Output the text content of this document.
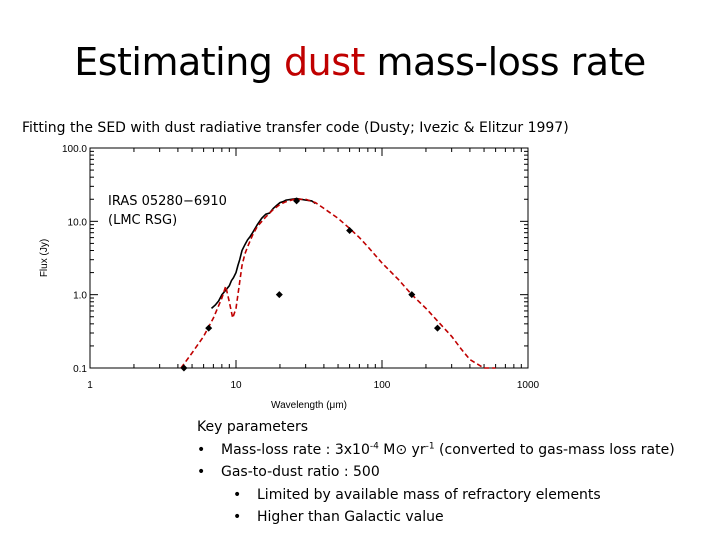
Estimating dust mass-loss rate
Fitting the SED with dust radiative transfer code (Dusty; Ivezic & Elitzur 1997)
1	10	100	1000
100.0
10.0
1.0
0.1
Wavelength (μm)
Flux (Jy)
IRAS 05280−6910
(LMC RSG)
Key parameters
• Mass-loss rate : $3x10^{-4}$ M⊙ $yr^{-1}$ (converted to gas-mass loss rate)
• Gas-to-dust ratio : 500
• Limited by available mass of refractory elements
• Higher than Galactic value
